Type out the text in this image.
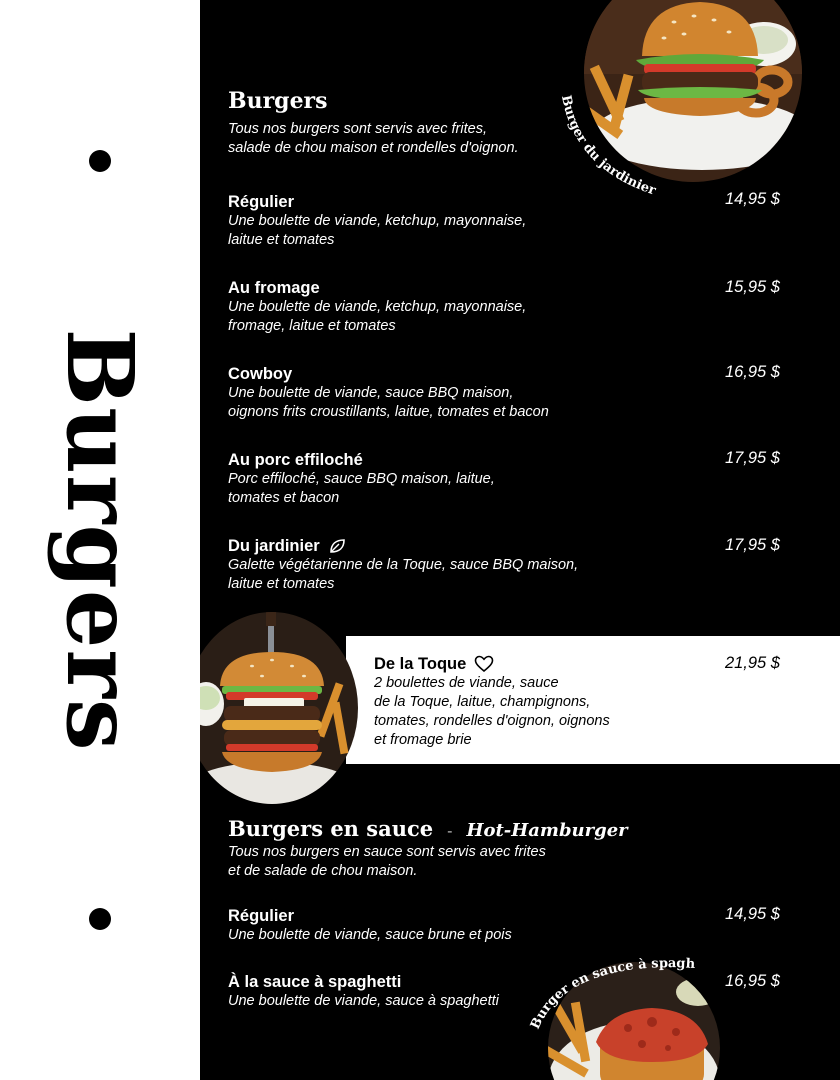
Burgers
Burger du jardinier
Burgers
Tous nos burgers sont servis avec frites,
salade de chou maison et rondelles d'oignon.
Régulier
Une boulette de viande, ketchup, mayonnaise,
laitue et tomates
14,95 $
Au fromage
Une boulette de viande, ketchup, mayonnaise,
fromage, laitue et tomates
15,95 $
Cowboy
Une boulette de viande, sauce BBQ maison,
oignons frits croustillants, laitue, tomates et bacon
16,95 $
Au porc effiloché
Porc effiloché, sauce BBQ maison, laitue,
tomates et bacon
17,95 $
Du jardinier
Galette végétarienne de la Toque, sauce BBQ maison,
laitue et tomates
17,95 $
De la Toque
2 boulettes de viande, sauce
de la Toque, laitue, champignons,
tomates, rondelles d'oignon, oignons
et fromage brie
21,95 $
Burgers en sauce - Hot-Hamburger
Tous nos burgers en sauce sont servis avec frites
et de salade de chou maison.
Régulier
Une boulette de viande, sauce brune et pois
14,95 $
À la sauce à spaghetti
Une boulette de viande, sauce à spaghetti
16,95 $
Burger en sauce à spaghetti
